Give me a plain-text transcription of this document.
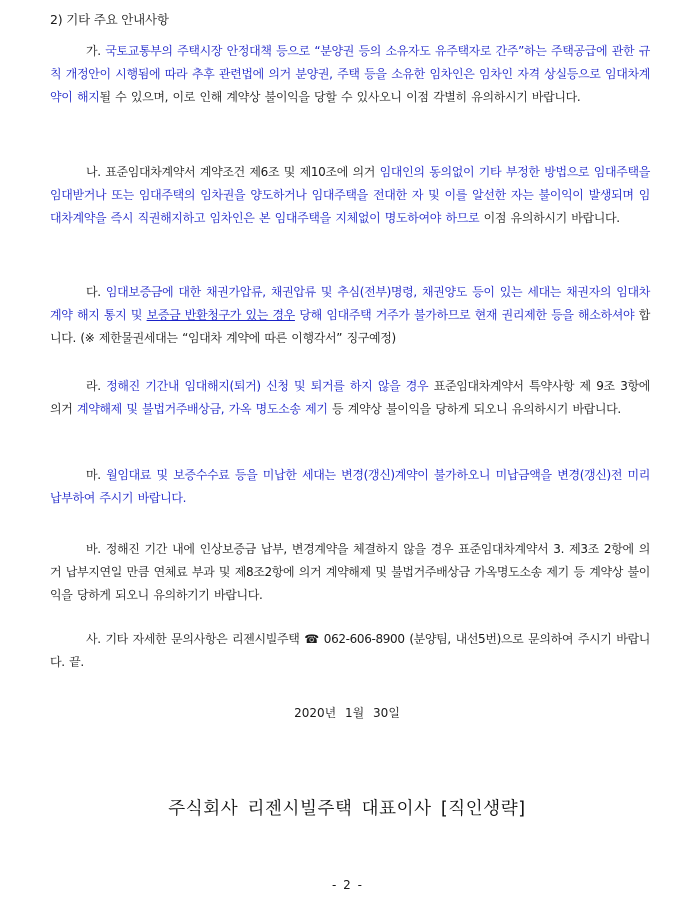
2) 기타 주요 안내사항

가. 국토교통부의 주택시장 안정대책 등으로 “분양권 등의 소유자도 유주택자로 간주”하는 주택공급에 관한 규칙 개정안이 시행됨에 따라 추후 관련법에 의거 분양권, 주택 등을 소유한 임차인은 임차인 자격 상실등으로 임대차계약이 해지될 수 있으며, 이로 인해 계약상 불이익을 당할 수 있사오니 이점 각별히 유의하시기 바랍니다.

나. 표준임대차계약서 계약조건 제6조 및 제10조에 의거 임대인의 동의없이 기타 부정한 방법으로 임대주택을 임대받거나 또는 임대주택의 임차권을 양도하거나 임대주택을 전대한 자 및 이를 알선한 자는 불이익이 발생되며 임대차계약을 즉시 직권해지하고 임차인은 본 임대주택을 지체없이 명도하여야 하므로 이점 유의하시기 바랍니다.

다. 임대보증금에 대한 채권가압류, 채권압류 및 추심(전부)명령, 채권양도 등이 있는 세대는 채권자의 임대차계약 해지 통지 및 보증금 반환청구가 있는 경우 당해 임대주택 거주가 불가하므로 현재 권리제한 등을 해소하셔야 합니다. (※ 제한물권세대는 “임대차 계약에 따른 이행각서” 징구예정)

라. 정해진 기간내 임대해지(퇴거) 신청 및 퇴거를 하지 않을 경우 표준임대차계약서 특약사항 제 9조 3항에 의거 계약해제 및 불법거주배상금, 가옥 명도소송 제기 등 계약상 불이익을 당하게 되오니 유의하시기 바랍니다.

마. 월임대료 및 보증수수료 등을 미납한 세대는 변경(갱신)계약이 불가하오니 미납금액을 변경(갱신)전 미리 납부하여 주시기 바랍니다.

바. 정해진 기간 내에 인상보증금 납부, 변경계약을 체결하지 않을 경우 표준임대차계약서 3. 제3조 2항에 의거 납부지연일 만큼 연체료 부과 및 제8조2항에 의거 계약해제 및 불법거주배상금 가옥명도소송 제기 등 계약상 불이익을 당하게 되오니 유의하기기 바랍니다.

사. 기타 자세한 문의사항은 리젠시빌주택 ☎ 062-606-8900 (분양팀, 내선5번)으로 문의하여 주시기 바랍니다. 끝.

2020년 1월 30일
주식회사 리젠시빌주택 대표이사 [직인생략]
- 2 -
